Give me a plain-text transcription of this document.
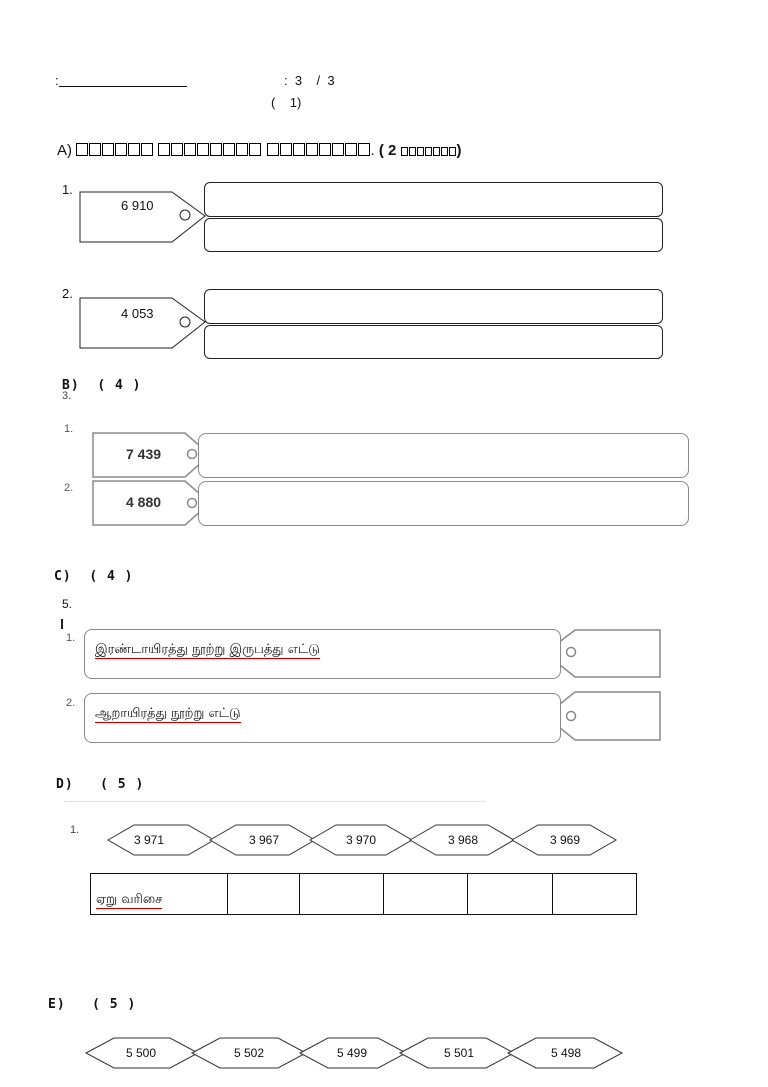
:	:  3    /  3
(    1)
A)	. ( 2	)
1.
2.
6 910
4 053
B) ( 4 )
3.
1.
2.
7 439
4 880
C) ( 4 )
5.
1.
2.
இரண்டாயிரத்து நூற்று இருபத்து எட்டு
ஆறாயிரத்து நூற்று எட்டு
D) ( 5 )
1.
3 971	3 967	3 970	3 968	3 969
ஏறு வரிசை
E) ( 5 )
5 500	5 502	5 499	5 501	5 498
